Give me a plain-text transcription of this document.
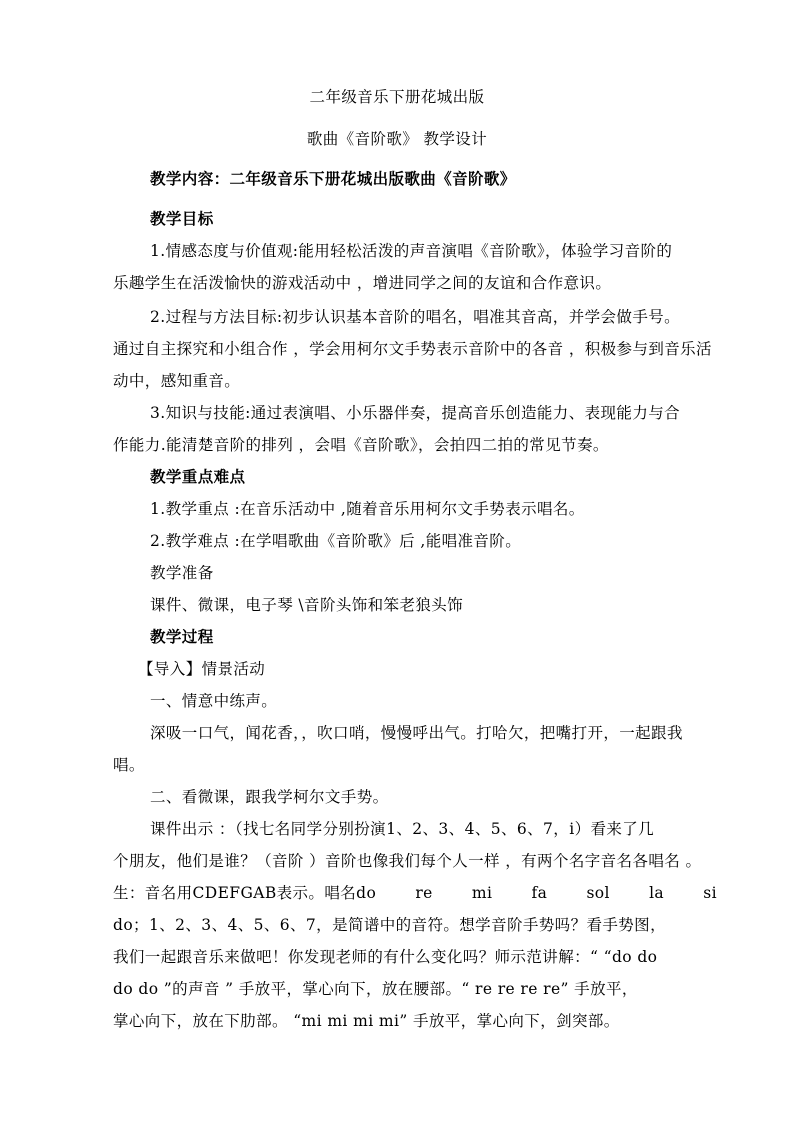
二年级音乐下册花城出版
歌曲《音阶歌》 教学设计
教学内容：二年级音乐下册花城出版歌曲《音阶歌》
教学目标
1.情感态度与价值观:能用轻松活泼的声音演唱《音阶歌》，体验学习音阶的
乐趣学生在活泼愉快的游戏活动中 ，增进同学之间的友谊和合作意识。
2.过程与方法目标:初步认识基本音阶的唱名，唱准其音高，并学会做手号。
通过自主探究和小组合作 ，学会用柯尔文手势表示音阶中的各音 ，积极参与到音乐活
动中，感知重音。
3.知识与技能:通过表演唱、小乐器伴奏，提高音乐创造能力、表现能力与合
作能力.能清楚音阶的排列 ，会唱《音阶歌》，会拍四二拍的常见节奏。
教学重点难点
1.教学重点 :在音乐活动中 ,随着音乐用柯尔文手势表示唱名。
2.教学难点 :在学唱歌曲《音阶歌》后 ,能唱准音阶。
教学准备
课件、微课，电子琴 \音阶头饰和笨老狼头饰
教学过程
【导入】情景活动
一、情意中练声。
深吸一口气，闻花香，，吹口哨，慢慢呼出气。打哈欠，把嘴打开，一起跟我
唱。
二、看微课，跟我学柯尔文手势。
课件出示 ：（找七名同学分别扮演1、2、3、4、5、6、7，i）看来了几
个朋友，他们是谁？（音阶 ）音阶也像我们每个人一样 ，有两个名字音名各唱名 。
生：音名用CDEFGAB表示。唱名do	re	mi	fa	sol	la	si
do；1、2、3、4、5、6、7，是简谱中的音符。想学音阶手势吗？看手势图，
我们一起跟音乐来做吧！你发现老师的有什么变化吗？师示范讲解：“ “do do
do do ”的声音 ” 手放平，掌心向下，放在腰部。“ re re re re” 手放平，
掌心向下，放在下肋部。 “mi mi mi mi” 手放平，掌心向下，剑突部。
